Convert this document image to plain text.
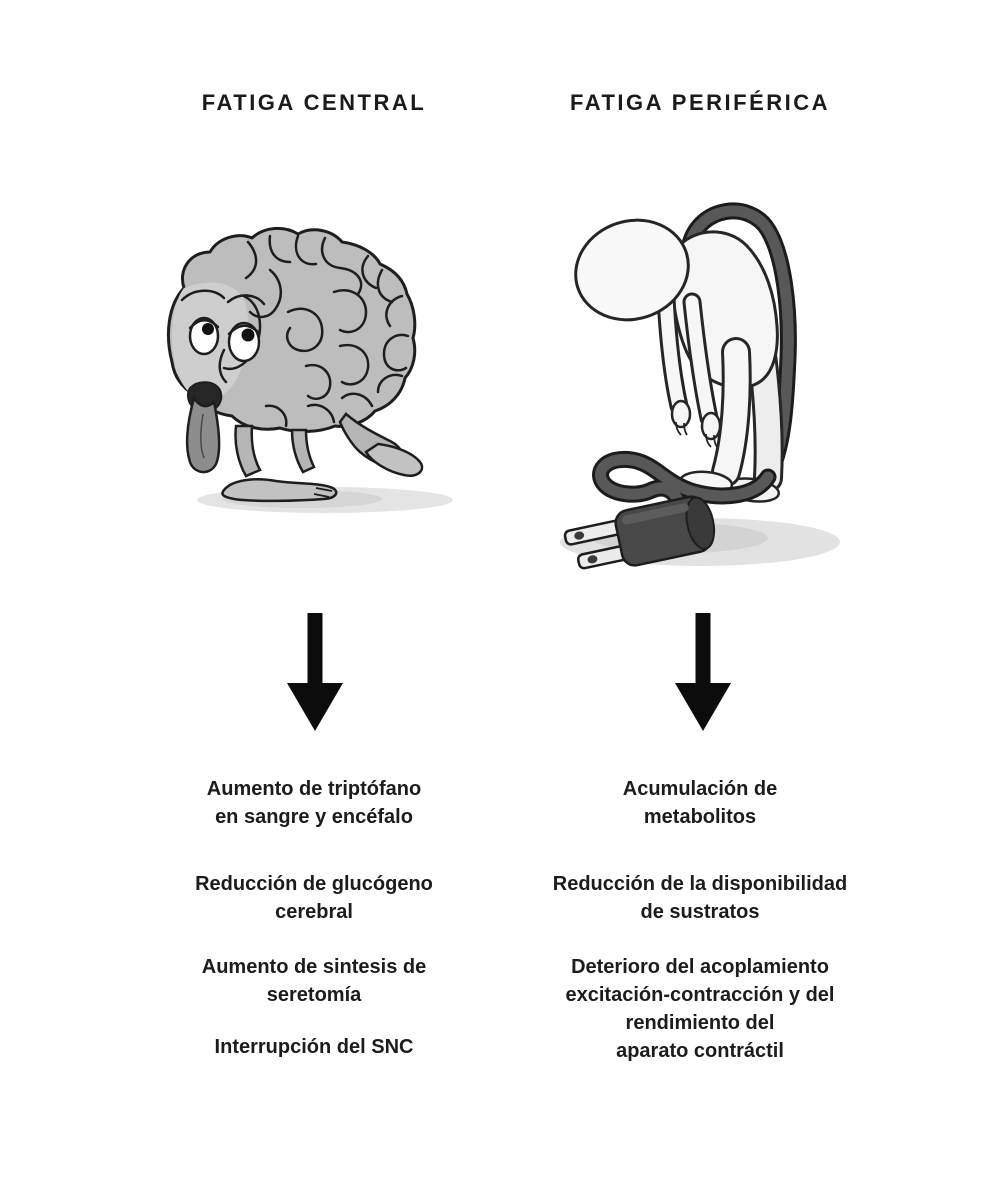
FATIGA CENTRAL	FATIGA PERIFÉRICA
Aumento de triptófano
en sangre y encéfalo
Reducción de glucógeno
cerebral
Aumento de sintesis de
seretomía
Interrupción del SNC
Acumulación de
metabolitos
Reducción de la disponibilidad
de sustratos
Deterioro del acoplamiento
excitación-contracción y del
rendimiento del
aparato contráctil
